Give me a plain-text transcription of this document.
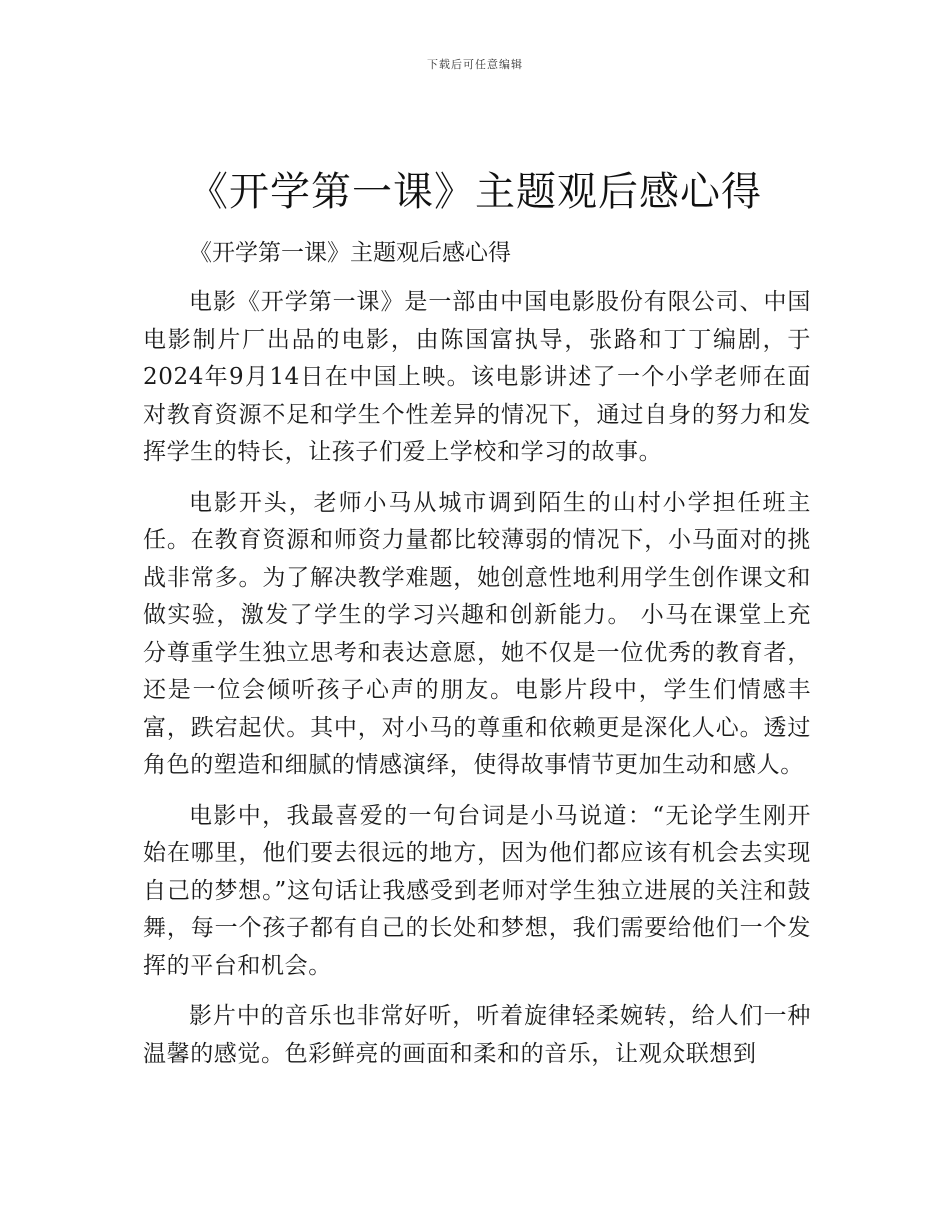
下载后可任意编辑
《开学第一课》主题观后感心得

《开学第一课》主题观后感心得

电影《开学第一课》是一部由中国电影股份有限公司、中国电影制片厂出品的电影，由陈国富执导，张路和丁丁编剧，于2024年9月14日在中国上映。该电影讲述了一个小学老师在面对教育资源不足和学生个性差异的情况下，通过自身的努力和发挥学生的特长，让孩子们爱上学校和学习的故事。

电影开头，老师小马从城市调到陌生的山村小学担任班主任。在教育资源和师资力量都比较薄弱的情况下，小马面对的挑战非常多。为了解决教学难题，她创意性地利用学生创作课文和做实验，激发了学生的学习兴趣和创新能力。 小马在课堂上充分尊重学生独立思考和表达意愿，她不仅是一位优秀的教育者，还是一位会倾听孩子心声的朋友。电影片段中，学生们情感丰富，跌宕起伏。其中，对小马的尊重和依赖更是深化人心。透过角色的塑造和细腻的情感演绎，使得故事情节更加生动和感人。

电影中，我最喜爱的一句台词是小马说道：“无论学生刚开始在哪里，他们要去很远的地方，因为他们都应该有机会去实现自己的梦想。”这句话让我感受到老师对学生独立进展的关注和鼓舞，每一个孩子都有自己的长处和梦想，我们需要给他们一个发挥的平台和机会。

影片中的音乐也非常好听，听着旋律轻柔婉转，给人们一种温馨的感觉。色彩鲜亮的画面和柔和的音乐，让观众联想到
